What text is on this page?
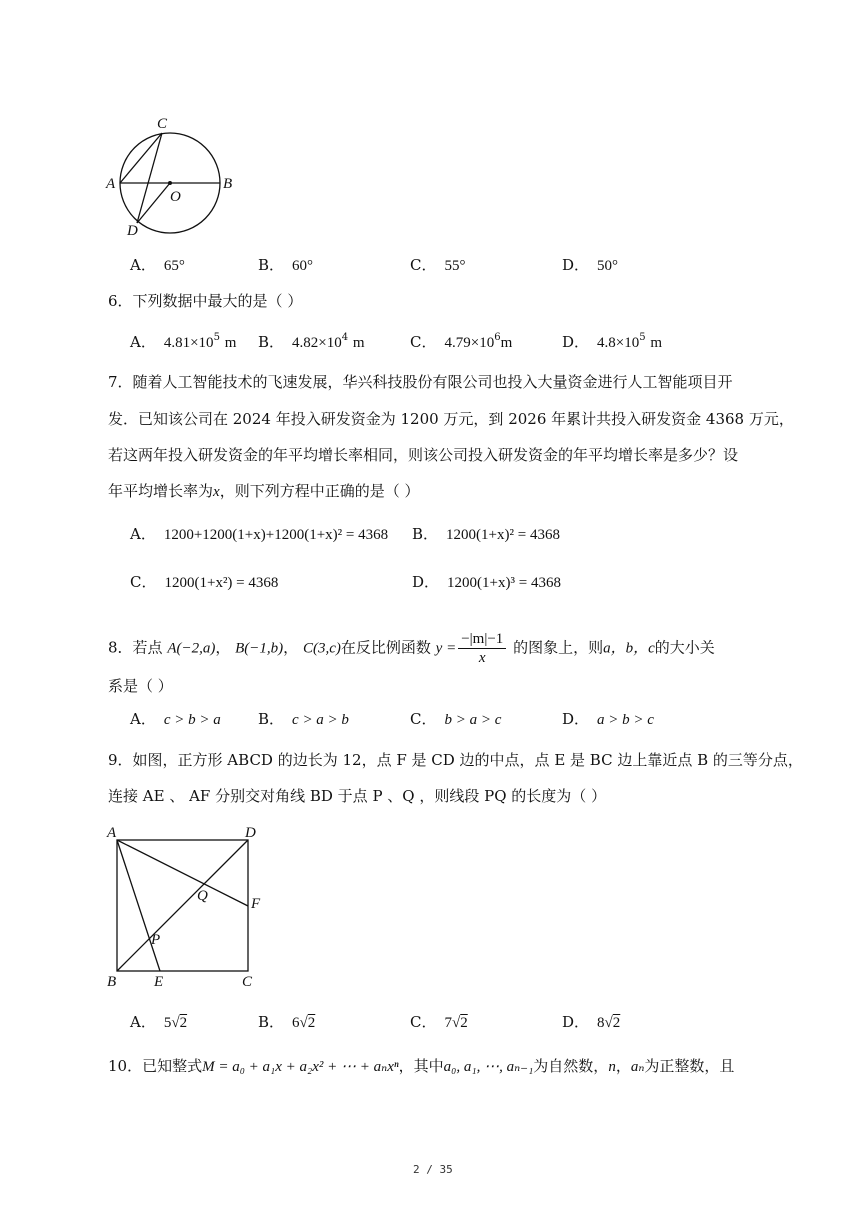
C
A	B
O
D
A． 65°	B． 60°	C． 55°	D． 50°
6．下列数据中最大的是（ ）
A． $4.81\times 10^5$ m B． $4.82\times 10^4$ m	C． $4.79\times 10^6m$	D． $4.8\times 10^5$ m
7．随着人工智能技术的飞速发展，华兴科技股份有限公司也投入大量资金进行人工智能项目开
发．已知该公司在 2024 年投入研发资金为 1200 万元，到 2026 年累计共投入研发资金 4368 万元，
若这两年投入研发资金的年平均增长率相同，则该公司投入研发资金的年平均增长率是多少？设
年平均增长率为x，则下列方程中正确的是（ ）
A． 1200+1200(1+x)+1200(1+x)² = 4368 B． 1200(1+x)² = 4368
C． 1200(1+x²) = 4368	D． 1200(1+x)³ = 4368
8．若点 A(−2,a)， B(−1,b)， C(3,c)在反比例函数 $y = \frac{-|m|-1}{x}$ 的图象上，则a，b，c的大小关
系是（ ）
A． c > b > a B． c > a > b	C． b > a > c	D． a > b > c
9．如图，正方形 ABCD 的边长为 12，点 F 是 CD 边的中点，点 E 是 BC 边上靠近点 B 的三等分点，
连接 AE 、 AF 分别交对角线 BD 于点 P 、Q ，则线段 PQ 的长度为（ ）
A	D
B	E	C
F
Q
P
A． 5√2	B． 6√2	C． 7√2	D． 8√2
10．已知整式M = a₀ + a₁x + a₂x² + ⋯ + aₙxⁿ，其中a₀, a₁, ⋯, aₙ₋₁为自然数，n，aₙ为正整数，且
2 / 35
